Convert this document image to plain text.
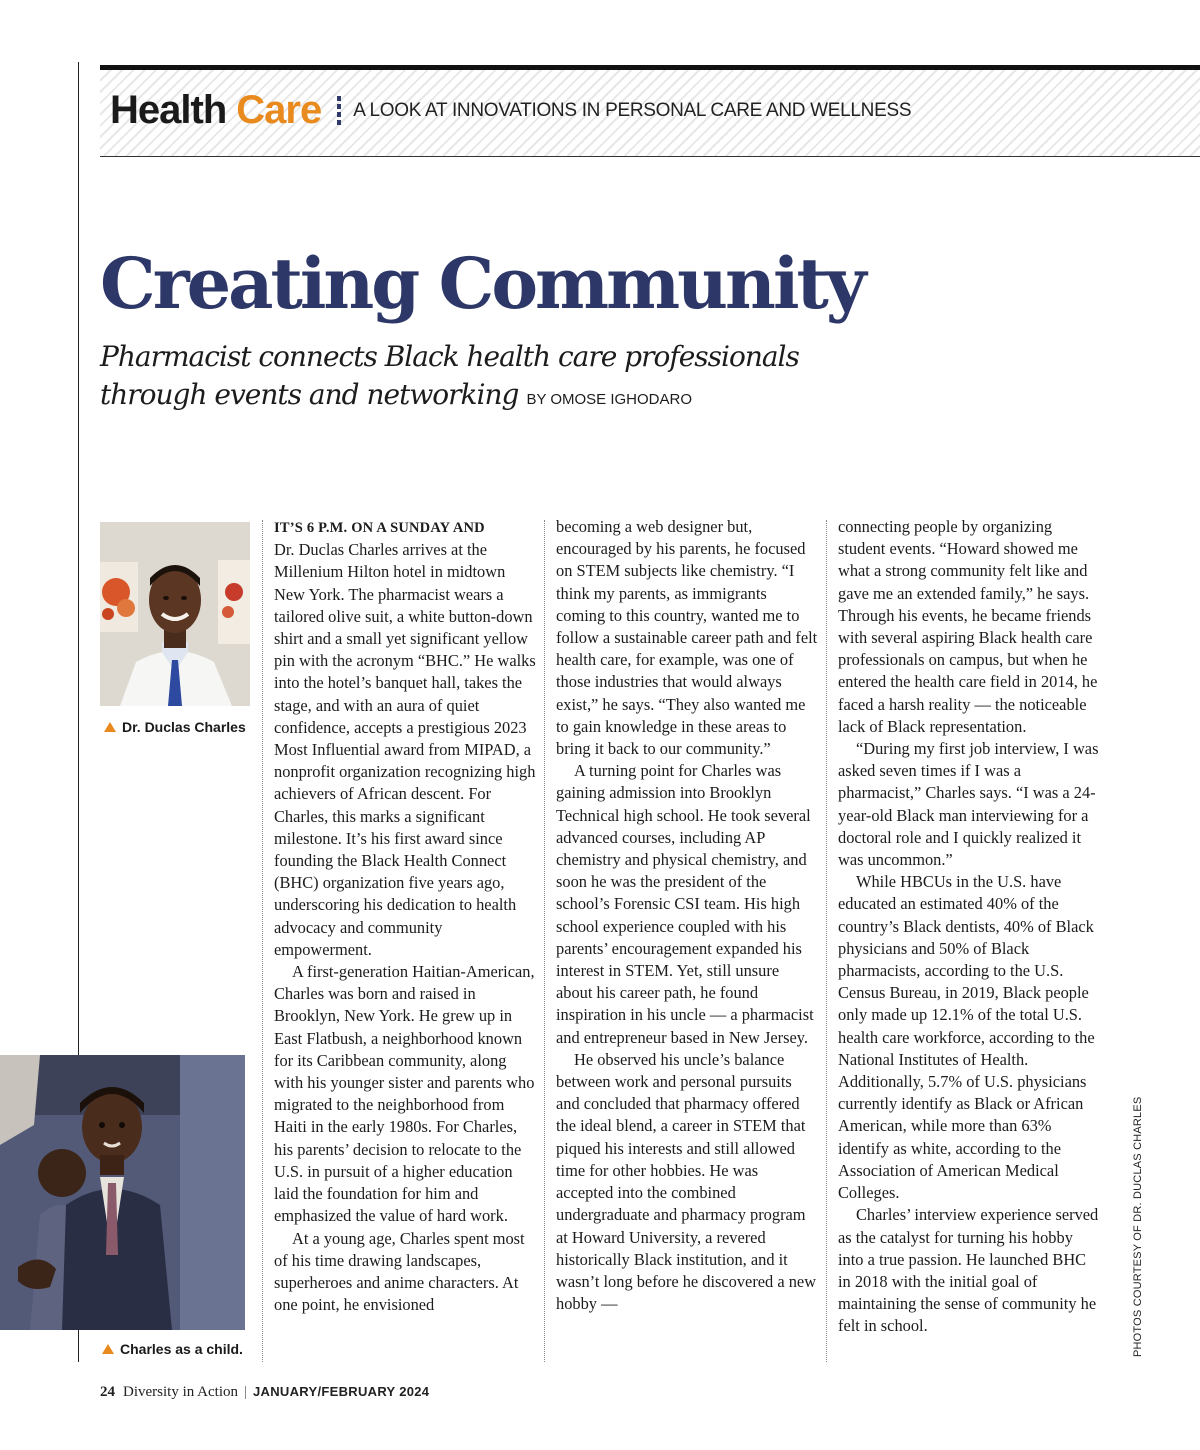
Health Care A LOOK AT INNOVATIONS IN PERSONAL CARE AND WELLNESS
Creating Community

Pharmacist connects Black health care professionals through events and networking BY OMOSE IGHODARO

Dr. Duclas Charles
Charles as a child.

IT’S 6 P.M. ON A SUNDAY AND
Dr. Duclas Charles arrives at the Millenium Hilton hotel in midtown New York. The pharmacist wears a tailored olive suit, a white button-down shirt and a small yet significant yellow pin with the acronym “BHC.” He walks into the hotel’s banquet hall, takes the stage, and with an aura of quiet confidence, accepts a prestigious 2023 Most Influential award from MIPAD, a nonprofit organization recognizing high achievers of African descent. For Charles, this marks a significant milestone. It’s his first award since founding the Black Health Connect (BHC) organization five years ago, underscoring his dedication to health advocacy and community empowerment.

A first-generation Haitian-American, Charles was born and raised in Brooklyn, New York. He grew up in East Flatbush, a neighborhood known for its Caribbean community, along with his younger sister and parents who migrated to the neighborhood from Haiti in the early 1980s. For Charles, his parents’ decision to relocate to the U.S. in pursuit of a higher education laid the foundation for him and emphasized the value of hard work.

At a young age, Charles spent most of his time drawing landscapes, superheroes and anime characters. At one point, he envisioned

becoming a web designer but, encouraged by his parents, he focused on STEM subjects like chemistry. “I think my parents, as immigrants coming to this country, wanted me to follow a sustainable career path and felt health care, for example, was one of those industries that would always exist,” he says. “They also wanted me to gain knowledge in these areas to bring it back to our community.”

A turning point for Charles was gaining admission into Brooklyn Technical high school. He took several advanced courses, including AP chemistry and physical chemistry, and soon he was the president of the school’s Forensic CSI team. His high school experience coupled with his parents’ encouragement expanded his interest in STEM. Yet, still unsure about his career path, he found inspiration in his uncle — a pharmacist and entrepreneur based in New Jersey.

He observed his uncle’s balance between work and personal pursuits and concluded that pharmacy offered the ideal blend, a career in STEM that piqued his interests and still allowed time for other hobbies. He was accepted into the combined undergraduate and pharmacy program at Howard University, a revered historically Black institution, and it wasn’t long before he discovered a new hobby —

connecting people by organizing student events. “Howard showed me what a strong community felt like and gave me an extended family,” he says. Through his events, he became friends with several aspiring Black health care professionals on campus, but when he entered the health care field in 2014, he faced a harsh reality — the noticeable lack of Black representation.

“During my first job interview, I was asked seven times if I was a pharmacist,” Charles says. “I was a 24-year-old Black man interviewing for a doctoral role and I quickly realized it was uncommon.”

While HBCUs in the U.S. have educated an estimated 40% of the country’s Black dentists, 40% of Black physicians and 50% of Black pharmacists, according to the U.S. Census Bureau, in 2019, Black people only made up 12.1% of the total U.S. health care workforce, according to the National Institutes of Health. Additionally, 5.7% of U.S. physicians currently identify as Black or African American, while more than 63% identify as white, according to the Association of American Medical Colleges.

Charles’ interview experience served as the catalyst for turning his hobby into a true passion. He launched BHC in 2018 with the initial goal of maintaining the sense of community he felt in school.	PHOTOS COURTESY OF DR. DUCLAS CHARLES
24 Diversity in Action | JANUARY/FEBRUARY 2024
